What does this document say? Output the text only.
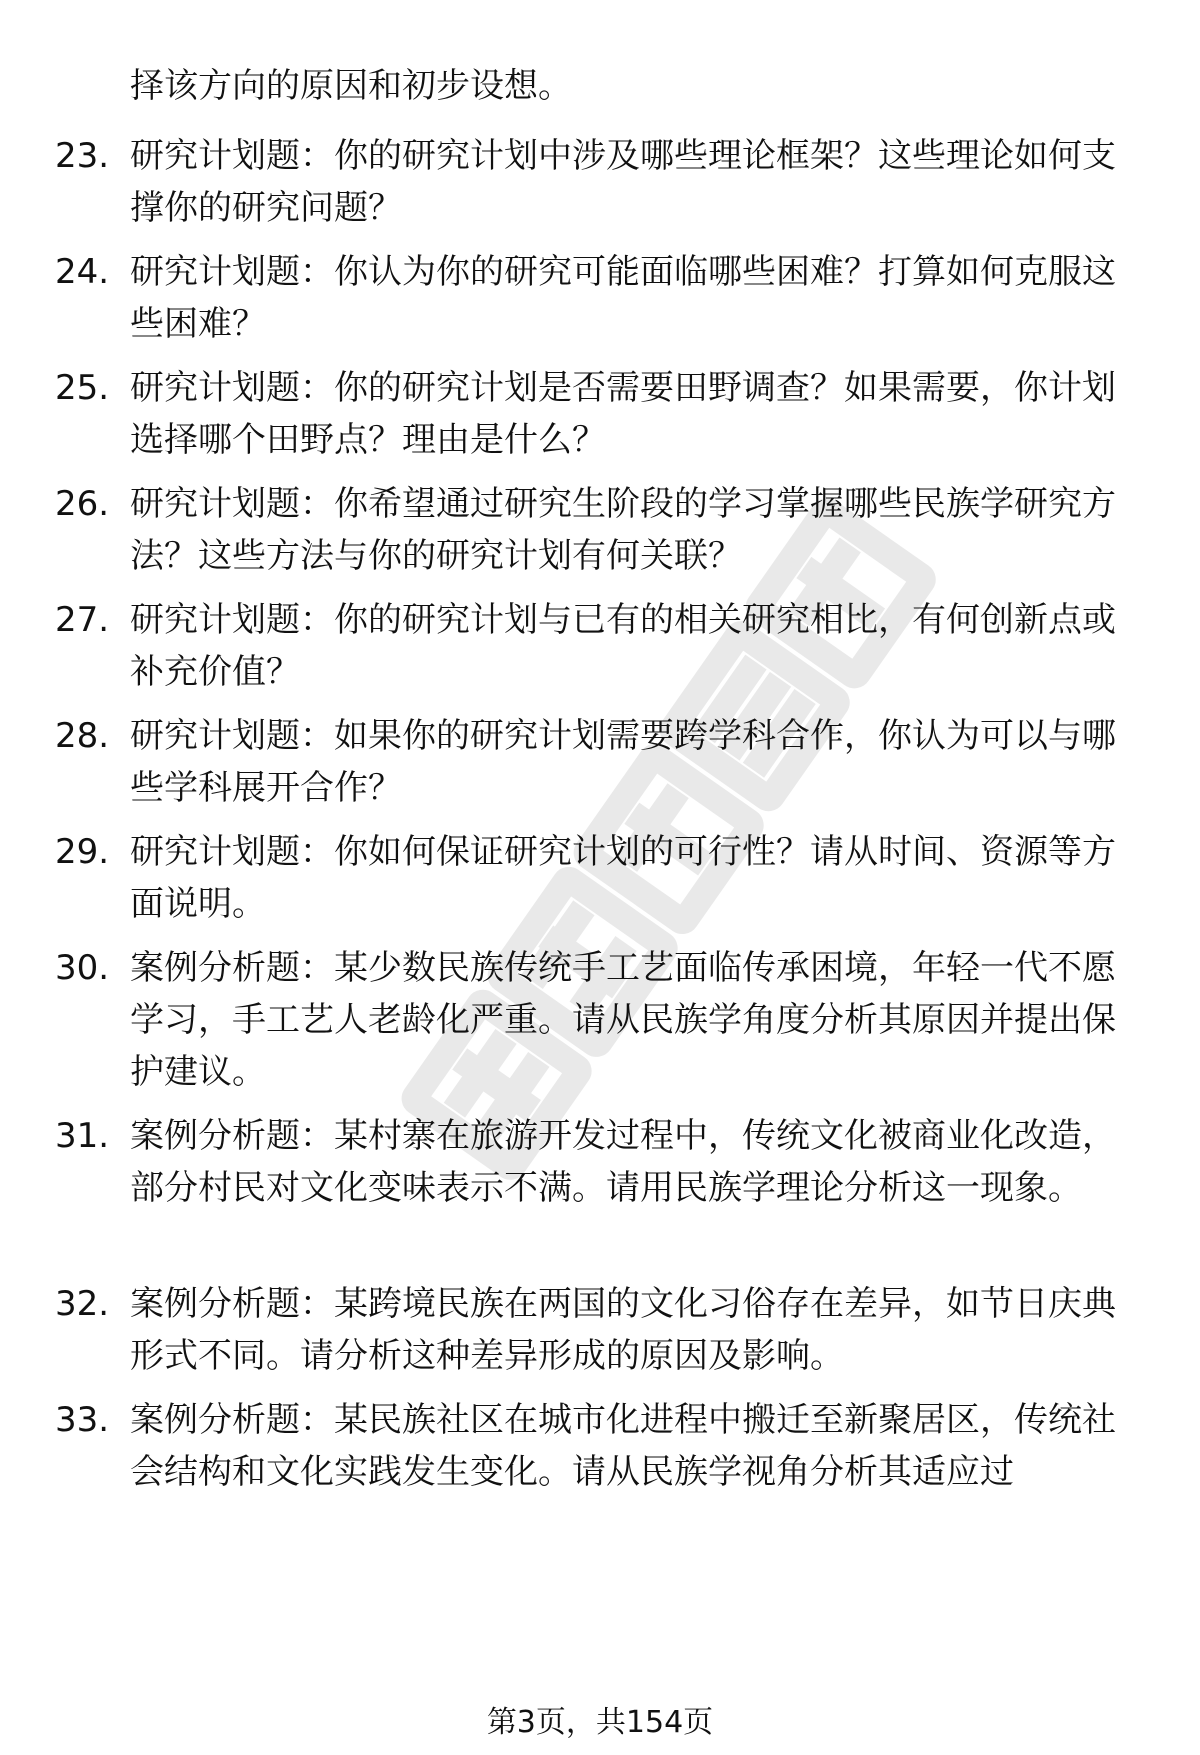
择该方向的原因和初步设想。

23. 研究计划题：你的研究计划中涉及哪些理论框架？这些理论如何支撑你的研究问题？

24. 研究计划题：你认为你的研究可能面临哪些困难？打算如何克服这些困难？

25. 研究计划题：你的研究计划是否需要田野调查？如果需要，你计划选择哪个田野点？理由是什么？

26. 研究计划题：你希望通过研究生阶段的学习掌握哪些民族学研究方法？这些方法与你的研究计划有何关联？

27. 研究计划题：你的研究计划与已有的相关研究相比，有何创新点或补充价值？

28. 研究计划题：如果你的研究计划需要跨学科合作，你认为可以与哪些学科展开合作？

29. 研究计划题：你如何保证研究计划的可行性？请从时间、资源等方面说明。

30. 案例分析题：某少数民族传统手工艺面临传承困境，年轻一代不愿学习，手工艺人老龄化严重。请从民族学角度分析其原因并提出保护建议。

31. 案例分析题：某村寨在旅游开发过程中，传统文化被商业化改造，部分村民对文化变味表示不满。请用民族学理论分析这一现象。

32. 案例分析题：某跨境民族在两国的文化习俗存在差异，如节日庆典形式不同。请分析这种差异形成的原因及影响。

33. 案例分析题：某民族社区在城市化进程中搬迁至新聚居区，传统社会结构和文化实践发生变化。请从民族学视角分析其适应过

第3页，共154页
